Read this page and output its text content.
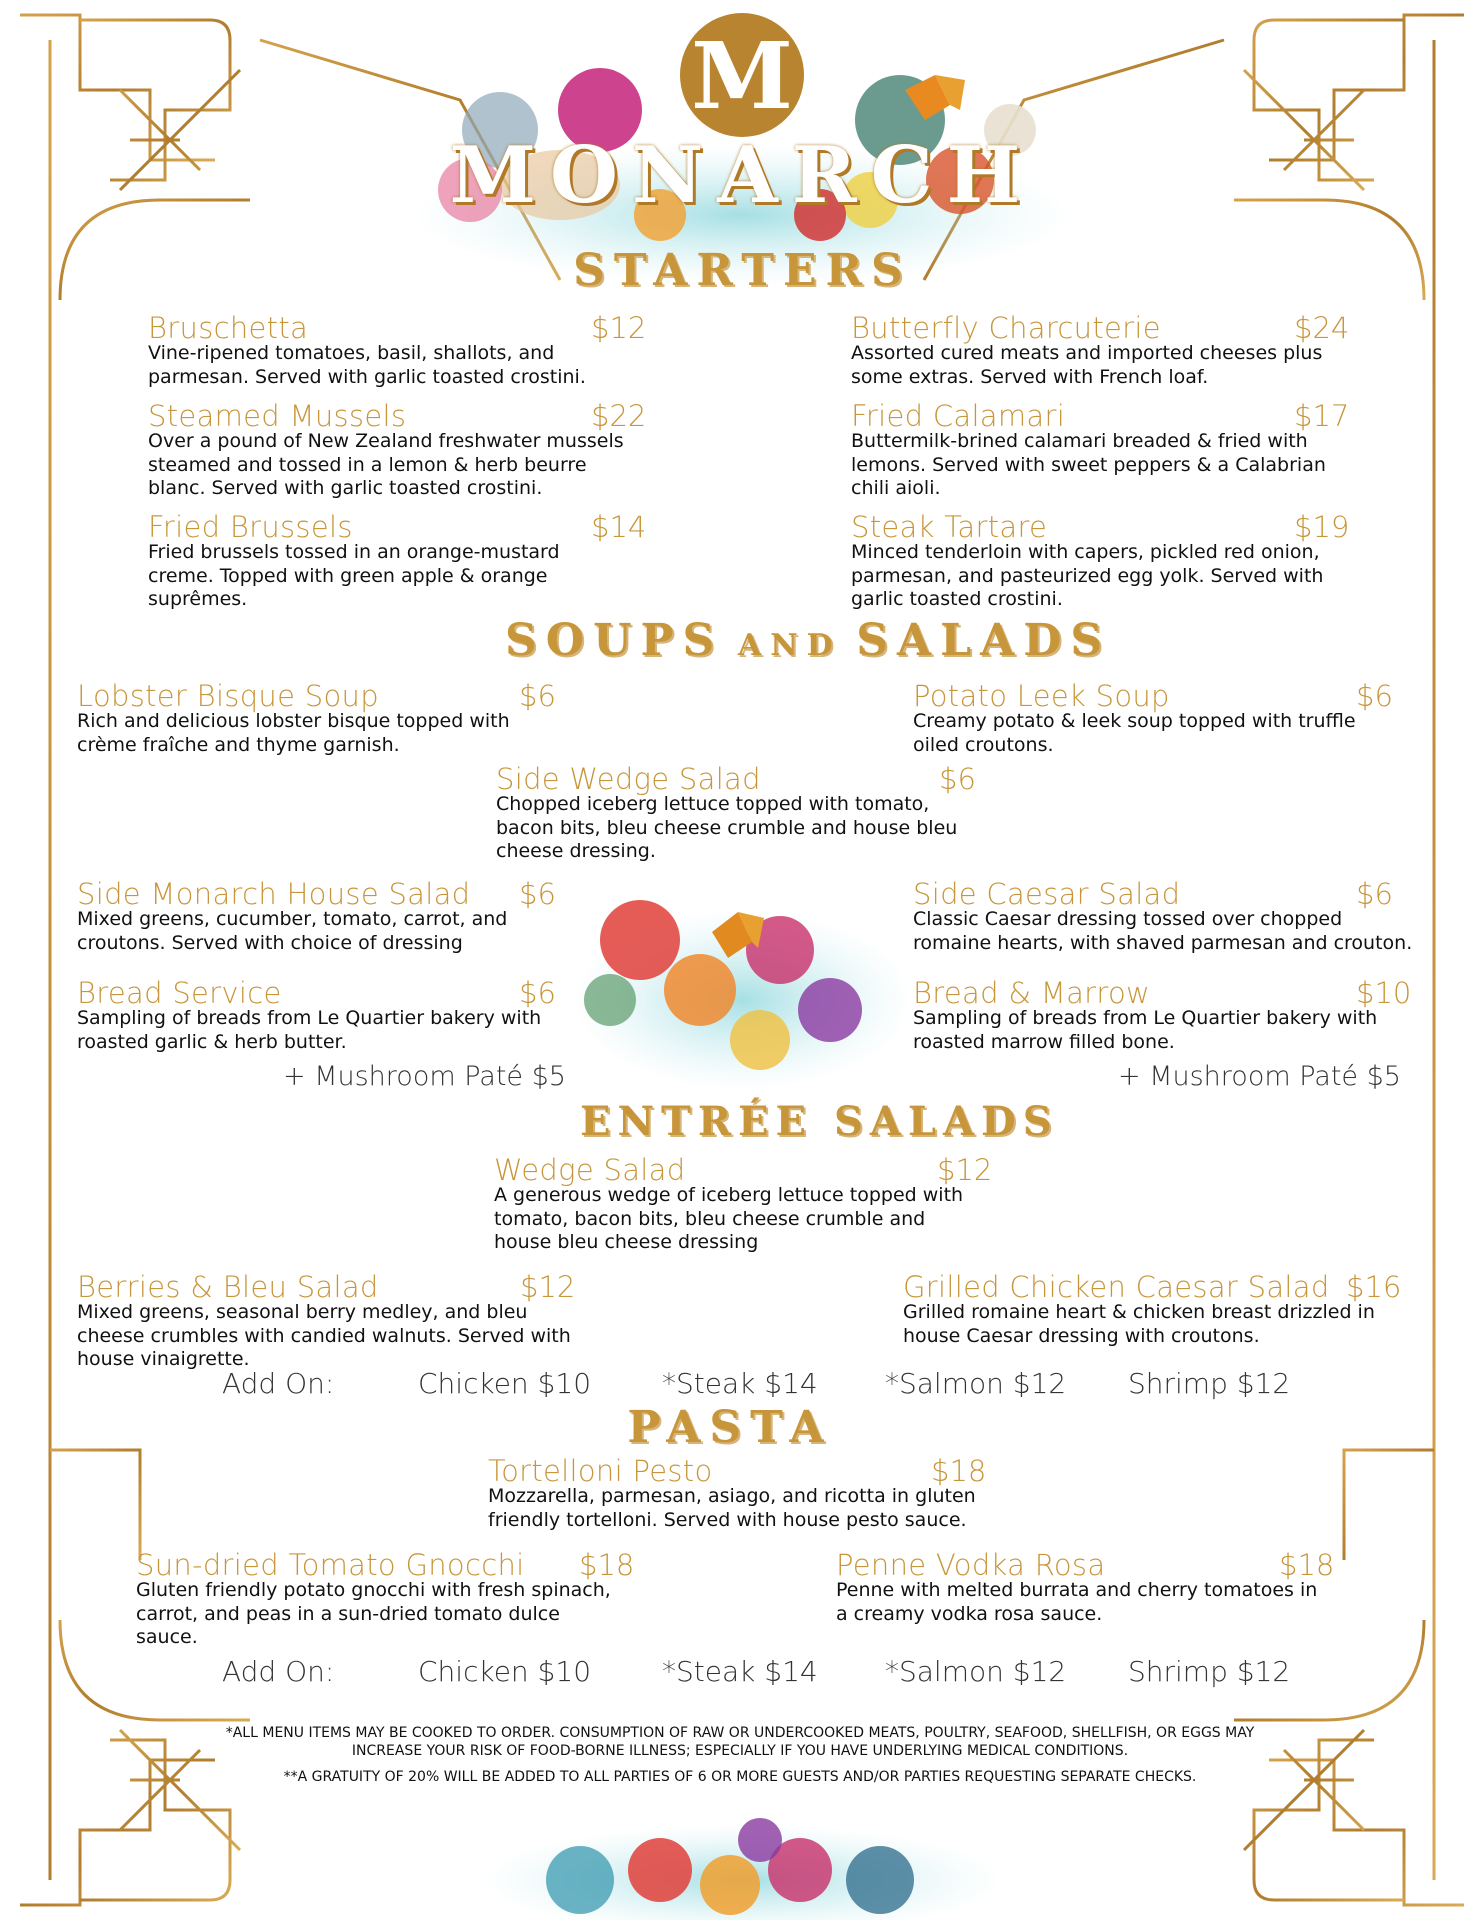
M
MONARCH
STARTERS
Bruschetta	$12
Vine-ripened tomatoes, basil, shallots, and parmesan. Served with garlic toasted crostini.
Butterfly Charcuterie	$24
Assorted cured meats and imported cheeses plus some extras. Served with French loaf.
Steamed Mussels	$22
Over a pound of New Zealand freshwater mussels steamed and tossed in a lemon & herb beurre blanc. Served with garlic toasted crostini.
Fried Calamari	$17
Buttermilk-brined calamari breaded & fried with lemons. Served with sweet peppers & a Calabrian chili aioli.
Fried Brussels	$14
Fried brussels tossed in an orange-mustard creme. Topped with green apple & orange suprêmes.
Steak Tartare	$19
Minced tenderloin with capers, pickled red onion, parmesan, and pasteurized egg yolk. Served with garlic toasted crostini.
SOUPS AND SALADS
Lobster Bisque Soup	$6
Rich and delicious lobster bisque topped with crème fraîche and thyme garnish.
Potato Leek Soup	$6
Creamy potato & leek soup topped with truffle oiled croutons.
Side Wedge Salad	$6
Chopped iceberg lettuce topped with tomato, bacon bits, bleu cheese crumble and house bleu cheese dressing.
Side Monarch House Salad	$6
Mixed greens, cucumber, tomato, carrot, and croutons. Served with choice of dressing
Side Caesar Salad	$6
Classic Caesar dressing tossed over chopped romaine hearts, with shaved parmesan and crouton.
Bread Service	$6
Sampling of breads from Le Quartier bakery with roasted garlic & herb butter.
Bread & Marrow	$10
Sampling of breads from Le Quartier bakery with roasted marrow filled bone.
+ Mushroom Paté $5	+ Mushroom Paté $5
ENTRÉE SALADS
Wedge Salad	$12
A generous wedge of iceberg lettuce topped with tomato, bacon bits, bleu cheese crumble and house bleu cheese dressing
Berries & Bleu Salad	$12
Mixed greens, seasonal berry medley, and bleu cheese crumbles with candied walnuts. Served with house vinaigrette.
Grilled Chicken Caesar Salad $16
Grilled romaine heart & chicken breast drizzled in house Caesar dressing with croutons.
Add On:	Chicken $10	*Steak $14 *Salmon $12 Shrimp $12
PASTA
Tortelloni Pesto	$18
Mozzarella, parmesan, asiago, and ricotta in gluten friendly tortelloni. Served with house pesto sauce.
Sun-dried Tomato Gnocchi	$18
Gluten friendly potato gnocchi with fresh spinach, carrot, and peas in a sun-dried tomato dulce sauce.
Penne Vodka Rosa	$18
Penne with melted burrata and cherry tomatoes in a creamy vodka rosa sauce.
Add On:	Chicken $10	*Steak $14 *Salmon $12 Shrimp $12
*ALL MENU ITEMS MAY BE COOKED TO ORDER. CONSUMPTION OF RAW OR UNDERCOOKED MEATS, POULTRY, SEAFOOD, SHELLFISH, OR EGGS MAY INCREASE YOUR RISK OF FOOD-BORNE ILLNESS; ESPECIALLY IF YOU HAVE UNDERLYING MEDICAL CONDITIONS.
**A GRATUITY OF 20% WILL BE ADDED TO ALL PARTIES OF 6 OR MORE GUESTS AND/OR PARTIES REQUESTING SEPARATE CHECKS.
